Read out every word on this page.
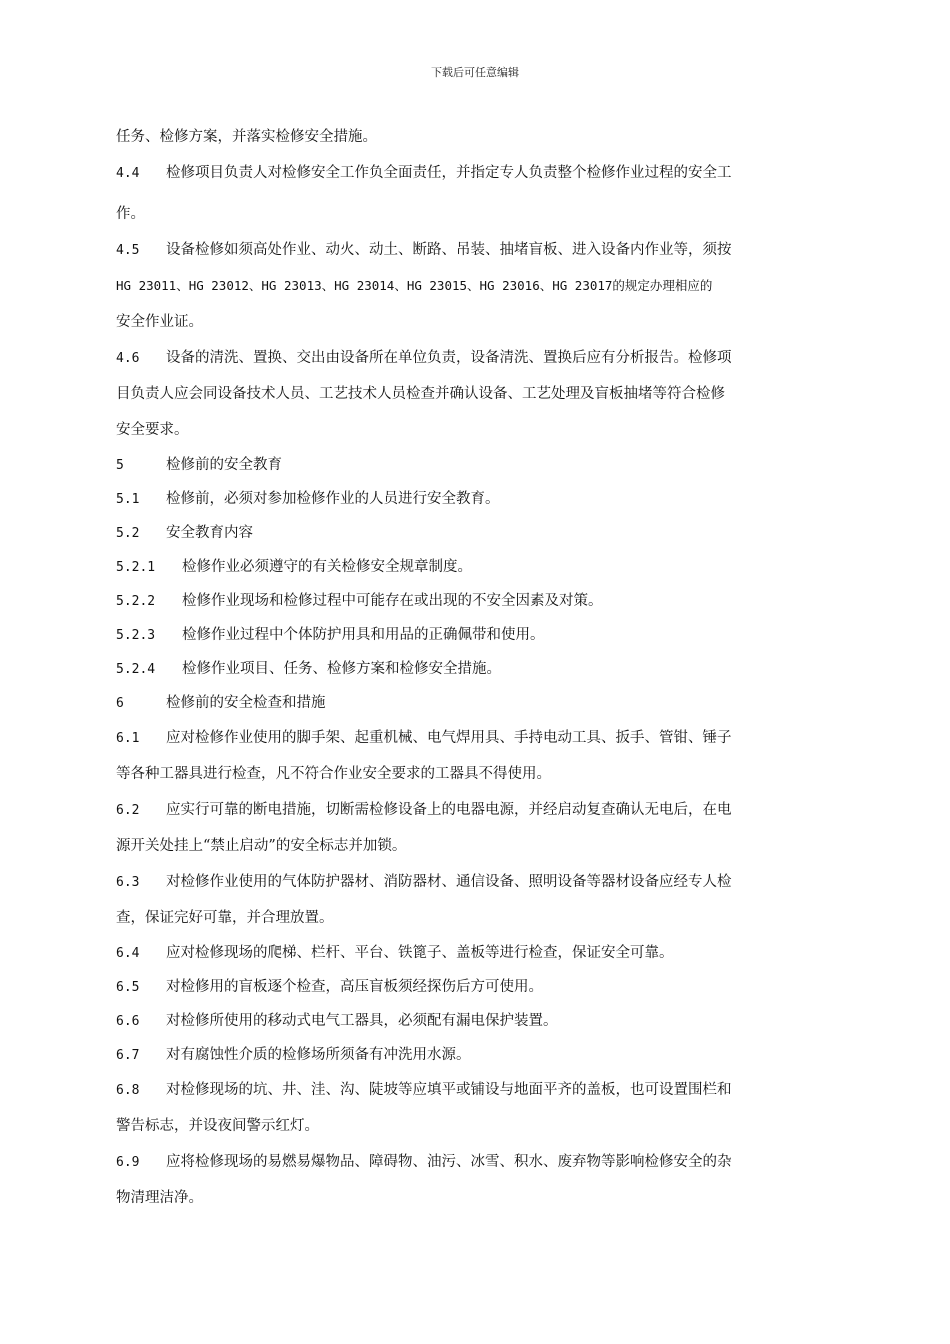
下载后可任意编辑
任务、检修方案，并落实检修安全措施。
4.4 检修项目负责人对检修安全工作负全面责任，并指定专人负责整个检修作业过程的安全工
作。
4.5 设备检修如须高处作业、动火、动土、断路、吊装、抽堵盲板、进入设备内作业等，须按
HG 23011、HG 23012、HG 23013、HG 23014、HG 23015、HG 23016、HG 23017的规定办理相应的
安全作业证。
4.6 设备的清洗、置换、交出由设备所在单位负责，设备清洗、置换后应有分析报告。检修项
目负责人应会同设备技术人员、工艺技术人员检查并确认设备、工艺处理及盲板抽堵等符合检修
安全要求。
5	检修前的安全教育
5.1 检修前，必须对参加检修作业的人员进行安全教育。
5.2 安全教育内容
5.2.1 检修作业必须遵守的有关检修安全规章制度。
5.2.2 检修作业现场和检修过程中可能存在或出现的不安全因素及对策。
5.2.3 检修作业过程中个体防护用具和用品的正确佩带和使用。
5.2.4 检修作业项目、任务、检修方案和检修安全措施。
6	检修前的安全检查和措施
6.1 应对检修作业使用的脚手架、起重机械、电气焊用具、手持电动工具、扳手、管钳、锤子
等各种工器具进行检查，凡不符合作业安全要求的工器具不得使用。
6.2 应实行可靠的断电措施，切断需检修设备上的电器电源，并经启动复查确认无电后，在电
源开关处挂上“禁止启动”的安全标志并加锁。
6.3 对检修作业使用的气体防护器材、消防器材、通信设备、照明设备等器材设备应经专人检
查，保证完好可靠，并合理放置。
6.4 应对检修现场的爬梯、栏杆、平台、铁篦子、盖板等进行检查，保证安全可靠。
6.5 对检修用的盲板逐个检查，高压盲板须经探伤后方可使用。
6.6 对检修所使用的移动式电气工器具，必须配有漏电保护装置。
6.7 对有腐蚀性介质的检修场所须备有冲洗用水源。
6.8 对检修现场的坑、井、洼、沟、陡坡等应填平或铺设与地面平齐的盖板，也可设置围栏和
警告标志，并设夜间警示红灯。
6.9 应将检修现场的易燃易爆物品、障碍物、油污、冰雪、积水、废弃物等影响检修安全的杂
物清理洁净。
